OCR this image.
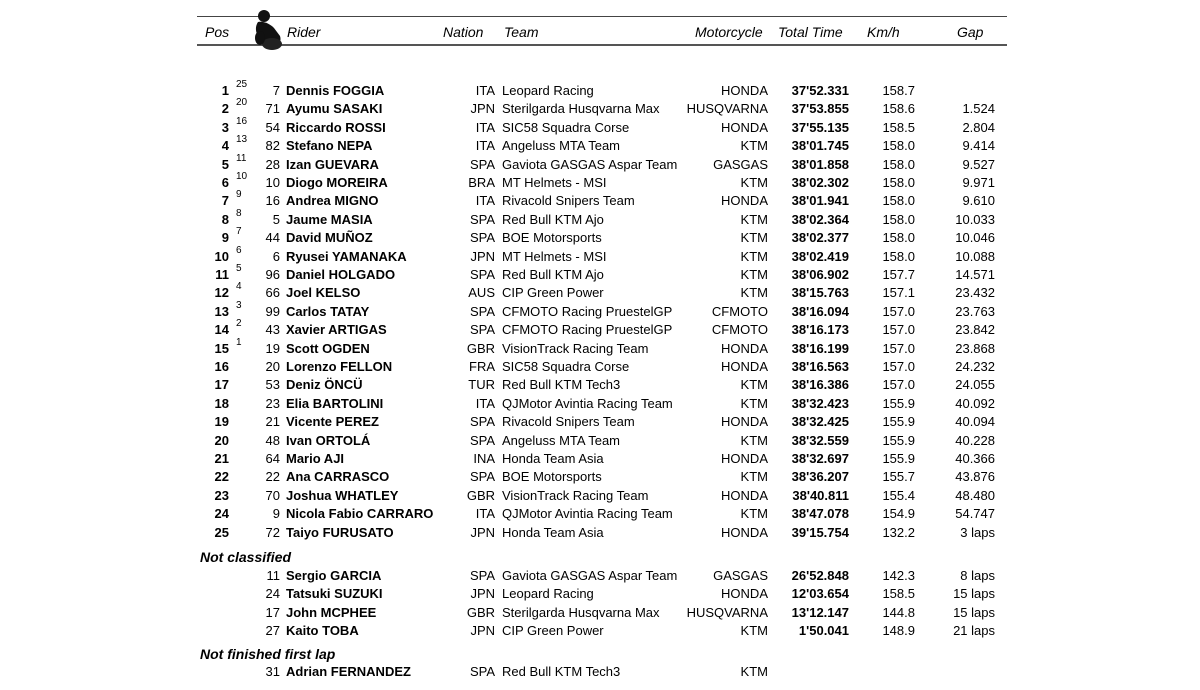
Pos	Rider	Nation Team	Motorcycle Total Time Km/h	Gap
1 25	7 Dennis FOGGIA	ITA Leopard Racing	HONDA	37'52.331	158.7
2 20	71 Ayumu SASAKI	JPN Sterilgarda Husqvarna Max	HUSQVARNA	37'53.855	158.6	1.524
3 16	54 Riccardo ROSSI	ITA SIC58 Squadra Corse	HONDA	37'55.135	158.5	2.804
4 13	82 Stefano NEPA	ITA Angeluss MTA Team	KTM	38'01.745	158.0	9.414
5 11	28 Izan GUEVARA	SPA Gaviota GASGAS Aspar Team	GASGAS	38'01.858	158.0	9.527
6 10	10 Diogo MOREIRA	BRA MT Helmets - MSI	KTM	38'02.302	158.0	9.971
7 9	16 Andrea MIGNO	ITA Rivacold Snipers Team	HONDA	38'01.941	158.0	9.610
8 8	5 Jaume MASIA	SPA Red Bull KTM Ajo	KTM	38'02.364	158.0	10.033
9 7	44 David MUÑOZ	SPA BOE Motorsports	KTM	38'02.377	158.0	10.046
10 6	6 Ryusei YAMANAKA	JPN MT Helmets - MSI	KTM	38'02.419	158.0	10.088
11 5	96 Daniel HOLGADO	SPA Red Bull KTM Ajo	KTM	38'06.902	157.7	14.571
12 4	66 Joel KELSO	AUS CIP Green Power	KTM	38'15.763	157.1	23.432
13 3	99 Carlos TATAY	SPA CFMOTO Racing PruestelGP	CFMOTO	38'16.094	157.0	23.763
14 2	43 Xavier ARTIGAS	SPA CFMOTO Racing PruestelGP	CFMOTO	38'16.173	157.0	23.842
15 1	19 Scott OGDEN	GBR VisionTrack Racing Team	HONDA	38'16.199	157.0	23.868
16	20 Lorenzo FELLON	FRA SIC58 Squadra Corse	HONDA	38'16.563	157.0	24.232
17	53 Deniz ÖNCÜ	TUR Red Bull KTM Tech3	KTM	38'16.386	157.0	24.055
18	23 Elia BARTOLINI	ITA QJMotor Avintia Racing Team	KTM	38'32.423	155.9	40.092
19	21 Vicente PEREZ	SPA Rivacold Snipers Team	HONDA	38'32.425	155.9	40.094
20	48 Ivan ORTOLÁ	SPA Angeluss MTA Team	KTM	38'32.559	155.9	40.228
21	64 Mario AJI	INA Honda Team Asia	HONDA	38'32.697	155.9	40.366
22	22 Ana CARRASCO	SPA BOE Motorsports	KTM	38'36.207	155.7	43.876
23	70 Joshua WHATLEY	GBR VisionTrack Racing Team	HONDA	38'40.811	155.4	48.480
24	9 Nicola Fabio CARRARO	ITA QJMotor Avintia Racing Team	KTM	38'47.078	154.9	54.747
25	72 Taiyo FURUSATO	JPN Honda Team Asia	HONDA	39'15.754	132.2	3 laps
Not classified
11 Sergio GARCIA	SPA Gaviota GASGAS Aspar Team	GASGAS	26'52.848	142.3	8 laps
24 Tatsuki SUZUKI	JPN Leopard Racing	HONDA	12'03.654	158.5	15 laps
17 John MCPHEE	GBR Sterilgarda Husqvarna Max	HUSQVARNA	13'12.147	144.8	15 laps
27 Kaito TOBA	JPN CIP Green Power	KTM	1'50.041	148.9	21 laps
Not finished first lap
31 Adrian FERNANDEZ	SPA Red Bull KTM Tech3	KTM
